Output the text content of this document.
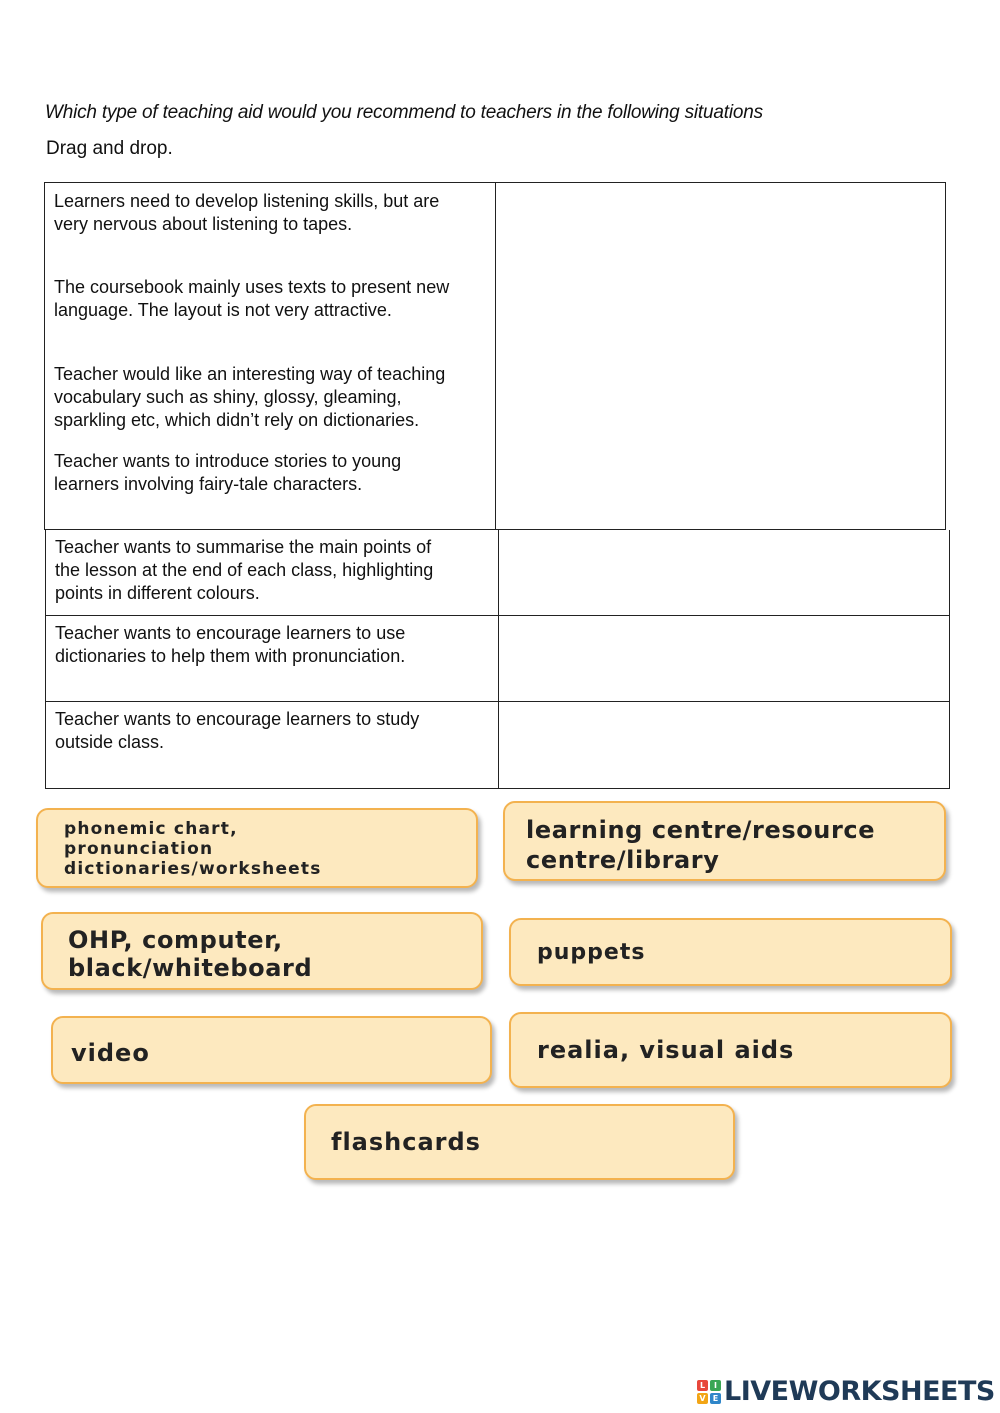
Which type of teaching aid would you recommend to teachers in the following situations
Drag and drop.
Learners need to develop listening skills, but are
very nervous about listening to tapes.
The coursebook mainly uses texts to present new
language. The layout is not very attractive.
Teacher would like an interesting way of teaching
vocabulary such as shiny, glossy, gleaming,
sparkling etc, which didn’t rely on dictionaries.
Teacher wants to introduce stories to young
learners involving fairy-tale characters.
Teacher wants to summarise the main points of
the lesson at the end of each class, highlighting
points in different colours.
Teacher wants to encourage learners to use
dictionaries to help them with pronunciation.
Teacher wants to encourage learners to study
outside class.
phonemic chart,
pronunciation
dictionaries/worksheets
learning centre/resource
centre/library
OHP, computer,
black/whiteboard
puppets
video	realia, visual aids
flashcards
L	I
V E LIVEWORKSHEETS
